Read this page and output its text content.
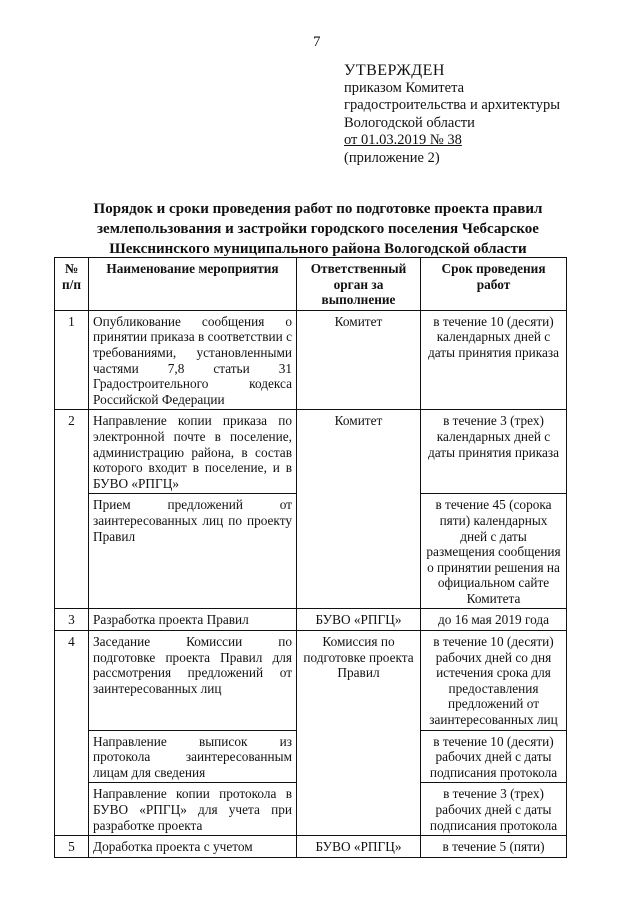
7
УТВЕРЖДЕН
приказом Комитета
градостроительства и архитектуры
Вологодской области
от 01.03.2019 № 38
(приложение 2)
Порядок и сроки проведения работ по подготовке проекта правил землепользования и застройки городского поселения Чебсарское Шекснинского муниципального района Вологодской области
№ п/п	Наименование мероприятия	Ответственный орган за выполнение	Срок проведения работ
1	Опубликование сообщения о принятии приказа в соответствии с требованиями, установленными частями 7,8 статьи 31 Градостроительного кодекса Российской Федерации	Комитет	в течение 10 (десяти) календарных дней с даты принятия приказа
2	Направление копии приказа по электронной почте в поселение, администрацию района, в состав которого входит в поселение, и в БУВО «РПГЦ»	Комитет	в течение 3 (трех) календарных дней с даты принятия приказа
	Прием предложений от заинтересованных лиц по проекту Правил		в течение 45 (сорока пяти) календарных дней с даты размещения сообщения о принятии решения на официальном сайте Комитета
3	Разработка проекта Правил	БУВО «РПГЦ»	до 16 мая 2019 года
4	Заседание Комиссии по подготовке проекта Правил для рассмотрения предложений от заинтересованных лиц	Комиссия по подготовке проекта Правил	в течение 10 (десяти) рабочих дней со дня истечения срока для предоставления предложений от заинтересованных лиц
	Направление выписок из протокола заинтересованным лицам для сведения		в течение 10 (десяти) рабочих дней с даты подписания протокола
	Направление копии протокола в БУВО «РПГЦ» для учета при разработке проекта		в течение 3 (трех) рабочих дней с даты подписания протокола
5	Доработка проекта с учетом	БУВО «РПГЦ»	в течение 5 (пяти)
